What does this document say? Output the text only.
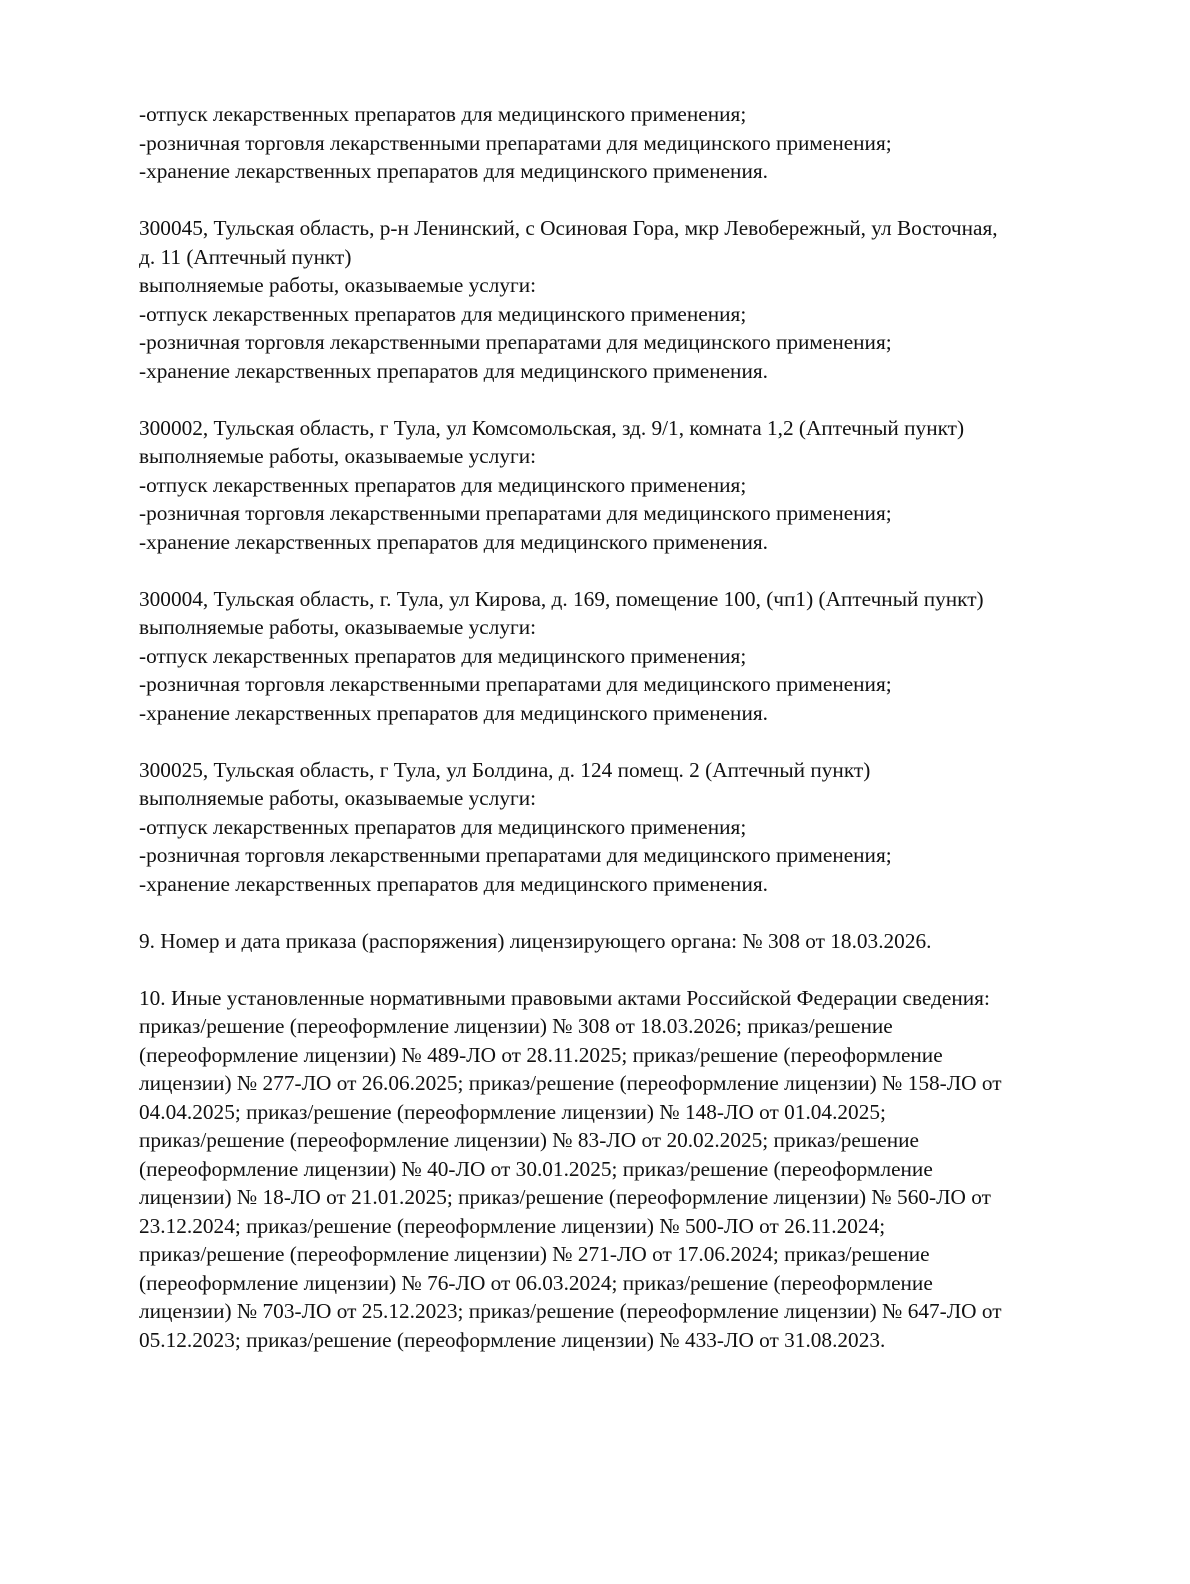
-отпуск лекарственных препаратов для медицинского применения;
-розничная торговля лекарственными препаратами для медицинского применения;
-хранение лекарственных препаратов для медицинского применения.
300045, Тульская область, р-н Ленинский, с Осиновая Гора, мкр Левобережный, ул Восточная,
д. 11 (Аптечный пункт)
выполняемые работы, оказываемые услуги:
-отпуск лекарственных препаратов для медицинского применения;
-розничная торговля лекарственными препаратами для медицинского применения;
-хранение лекарственных препаратов для медицинского применения.
300002, Тульская область, г Тула, ул Комсомольская, зд. 9/1, комната 1,2 (Аптечный пункт)
выполняемые работы, оказываемые услуги:
-отпуск лекарственных препаратов для медицинского применения;
-розничная торговля лекарственными препаратами для медицинского применения;
-хранение лекарственных препаратов для медицинского применения.
300004, Тульская область, г. Тула, ул Кирова, д. 169, помещение 100, (чп1) (Аптечный пункт)
выполняемые работы, оказываемые услуги:
-отпуск лекарственных препаратов для медицинского применения;
-розничная торговля лекарственными препаратами для медицинского применения;
-хранение лекарственных препаратов для медицинского применения.
300025, Тульская область, г Тула, ул Болдина, д. 124 помещ. 2 (Аптечный пункт)
выполняемые работы, оказываемые услуги:
-отпуск лекарственных препаратов для медицинского применения;
-розничная торговля лекарственными препаратами для медицинского применения;
-хранение лекарственных препаратов для медицинского применения.
9. Номер и дата приказа (распоряжения) лицензирующего органа: № 308 от 18.03.2026.
10. Иные установленные нормативными правовыми актами Российской Федерации сведения:
приказ/решение (переоформление лицензии) № 308 от 18.03.2026; приказ/решение
(переоформление лицензии) № 489-ЛО от 28.11.2025; приказ/решение (переоформление
лицензии) № 277-ЛО от 26.06.2025; приказ/решение (переоформление лицензии) № 158-ЛО от
04.04.2025; приказ/решение (переоформление лицензии) № 148-ЛО от 01.04.2025;
приказ/решение (переоформление лицензии) № 83-ЛО от 20.02.2025; приказ/решение
(переоформление лицензии) № 40-ЛО от 30.01.2025; приказ/решение (переоформление
лицензии) № 18-ЛО от 21.01.2025; приказ/решение (переоформление лицензии) № 560-ЛО от
23.12.2024; приказ/решение (переоформление лицензии) № 500-ЛО от 26.11.2024;
приказ/решение (переоформление лицензии) № 271-ЛО от 17.06.2024; приказ/решение
(переоформление лицензии) № 76-ЛО от 06.03.2024; приказ/решение (переоформление
лицензии) № 703-ЛО от 25.12.2023; приказ/решение (переоформление лицензии) № 647-ЛО от
05.12.2023; приказ/решение (переоформление лицензии) № 433-ЛО от 31.08.2023.
